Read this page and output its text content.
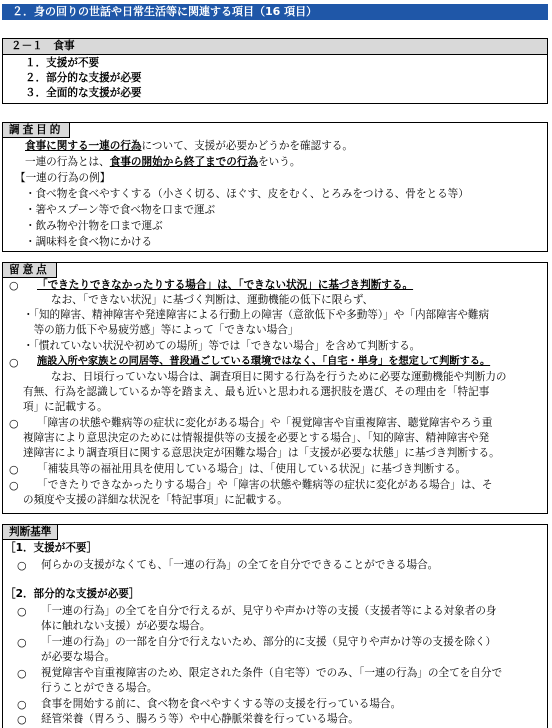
２．身の回りの世話や日常生活等に関連する項目（16 項目）
２－１　食事
１．支援が不要
２．部分的な支援が必要
３．全面的な支援が必要
調査目的
食事に関する一連の行為について、支援が必要かどうかを確認する。
一連の行為とは、食事の開始から終了までの行為をいう。
【一連の行為の例】
・食べ物を食べやすくする（小さく切る、ほぐす、皮をむく、とろみをつける、骨をとる等）
・箸やスプーン等で食べ物を口まで運ぶ
・飲み物や汁物を口まで運ぶ
・調味料を食べ物にかける
留意点
○ 「できたりできなかったりする場合」は、「できない状況」に基づき判断する。
なお、「できない状況」に基づく判断は、運動機能の低下に限らず、
・「知的障害、精神障害や発達障害による行動上の障害（意欲低下や多動等）」や「内部障害や難病
　等の筋力低下や易疲労感」等によって「できない場合」
・「慣れていない状況や初めての場所」等では「できない場合」を含めて判断する。
○ 施設入所や家族との同居等、普段過ごしている環境ではなく、「自宅・単身」を想定して判断する。
なお、日頃行っていない場合は、調査項目に関する行為を行うために必要な運動機能や判断力の
有無、行為を認識しているか等を踏まえ、最も近いと思われる選択肢を選び、その理由を「特記事
項」に記載する。
○ 「障害の状態や難病等の症状に変化がある場合」や「視覚障害や盲重複障害、聴覚障害やろう重
複障害により意思決定のためには情報提供等の支援を必要とする場合」、「知的障害、精神障害や発
達障害により調査項目に関する意思決定が困難な場合」は「支援が必要な状態」に基づき判断する。
○ 「補装具等の福祉用具を使用している場合」は、「使用している状況」に基づき判断する。
○ 「できたりできなかったりする場合」や「障害の状態や難病等の症状に変化がある場合」は、そ
の頻度や支援の詳細な状況を「特記事項」に記載する。
判断基準
［1．支援が不要］
○ 何らかの支援がなくても、「一連の行為」の全てを自分でできることができる場合。
［2．部分的な支援が必要］
○ 「一連の行為」の全てを自分で行えるが、見守りや声かけ等の支援（支援者等による対象者の身
体に触れない支援）が必要な場合。
○ 「一連の行為」の一部を自分で行えないため、部分的に支援（見守りや声かけ等の支援を除く）
が必要な場合。
○ 視覚障害や盲重複障害のため、限定された条件（自宅等）でのみ、「一連の行為」の全てを自分で
行うことができる場合。
○ 食事を開始する前に、食べ物を食べやすくする等の支援を行っている場合。
○ 経管栄養（胃ろう、腸ろう等）や中心静脈栄養を行っている場合。
